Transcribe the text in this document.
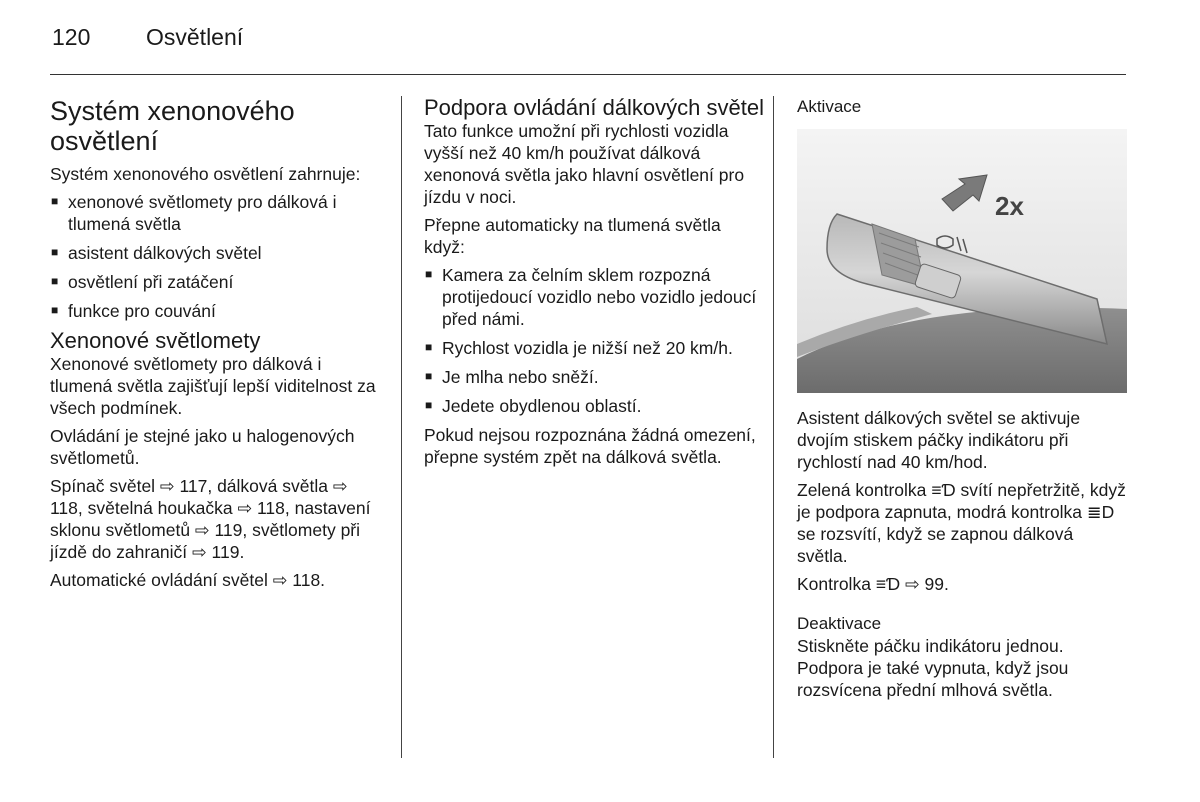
120	Osvětlení
Systém xenonového osvětlení

Systém xenonového osvětlení zahrnuje:

■ xenonové světlomety pro dálková i tlumená světla
■ asistent dálkových světel
■ osvětlení při zatáčení
■ funkce pro couvání
Xenonové světlomety

Xenonové světlomety pro dálková i tlumená světla zajišťují lepší viditelnost za všech podmínek.

Ovládání je stejné jako u halogenových světlometů.

Spínač světel ⇨ 117, dálková světla ⇨ 118, světelná houkačka ⇨ 118, nastavení sklonu světlometů ⇨ 119, světlomety při jízdě do zahraničí ⇨ 119.

Automatické ovládání světel ⇨ 118.

Podpora ovládání dálkových světel

Tato funkce umožní při rychlosti vozidla vyšší než 40 km/h používat dálková xenonová světla jako hlavní osvětlení pro jízdu v noci.

Přepne automaticky na tlumená světla když:

■ Kamera za čelním sklem rozpozná protijedoucí vozidlo nebo vozidlo jedoucí před námi.
■ Rychlost vozidla je nižší než 20 km/h.
■ Je mlha nebo sněží.
■ Jedete obydlenou oblastí.

Pokud nejsou rozpoznána žádná omezení, přepne systém zpět na dálková světla.

Aktivace
2x

Asistent dálkových světel se aktivuje dvojím stiskem páčky indikátoru při rychlostí nad 40 km/hod.

Zelená kontrolka ≡Ɗ svítí nepřetržitě, když je podpora zapnuta, modrá kontrolka ≣D se rozsvítí, když se zapnou dálková světla.

Kontrolka ≡Ɗ ⇨ 99.

Deaktivace

Stiskněte páčku indikátoru jednou. Podpora je také vypnuta, když jsou rozsvícena přední mlhová světla.
